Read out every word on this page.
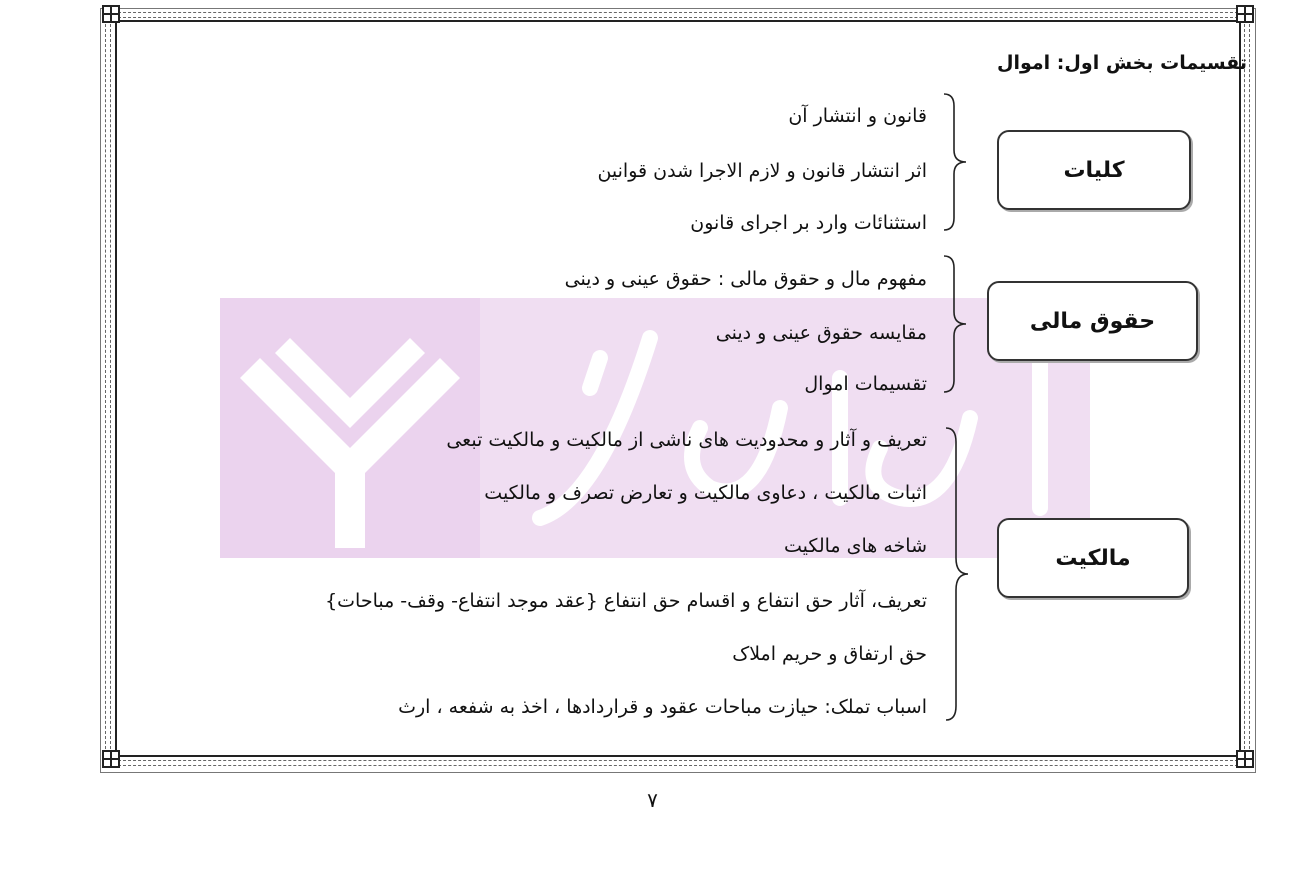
تقسیمات بخش اول: اموال
کلیات
قانون و انتشار آن
اثر انتشار قانون و لازم الاجرا شدن قوانین
استثنائات وارد بر اجرای قانون
حقوق مالی
مفهوم مال و حقوق مالی : حقوق عینی و دینی
مقایسه حقوق عینی و دینی
تقسیمات اموال
مالکیت
تعریف و آثار و محدودیت های ناشی از مالکیت و مالکیت تبعی
اثبات مالکیت ، دعاوی مالکیت و تعارض تصرف و مالکیت
شاخه های مالکیت
تعریف، آثار حق انتفاع و اقسام حق انتفاع {عقد موجد انتفاع- وقف- مباحات}
حق ارتفاق و حریم املاک
اسباب تملک: حیازت مباحات عقود و قراردادها ، اخذ به شفعه ، ارث
۷
